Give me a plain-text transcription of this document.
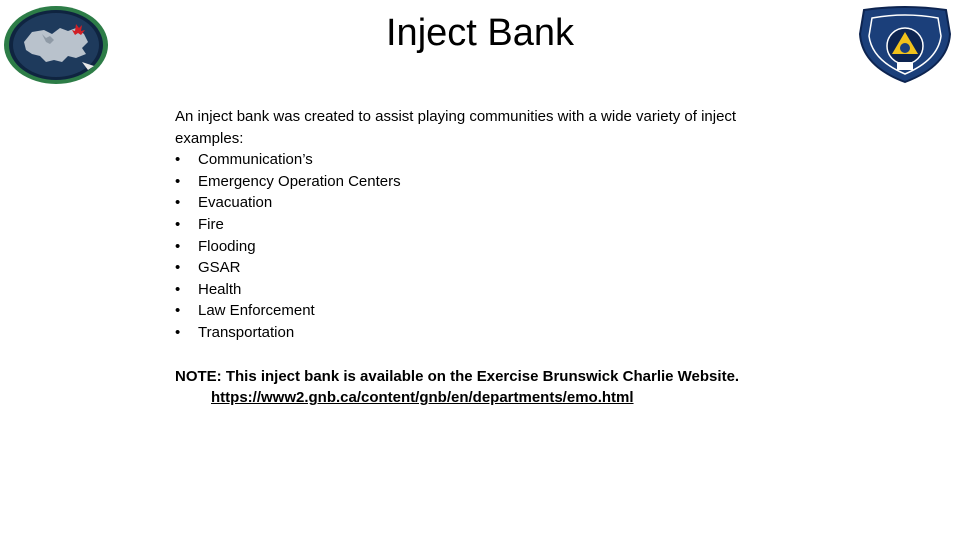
Inject Bank

An inject bank was created to assist playing communities with a wide variety of inject examples:

•	Communication’s
•	Emergency Operation Centers
•	Evacuation
•	Fire
•	Flooding
•	GSAR
•	Health
•	Law Enforcement
•	Transportation
NOTE: This inject bank is available on the Exercise Brunswick Charlie Website.
https://www2.gnb.ca/content/gnb/en/departments/emo.html
